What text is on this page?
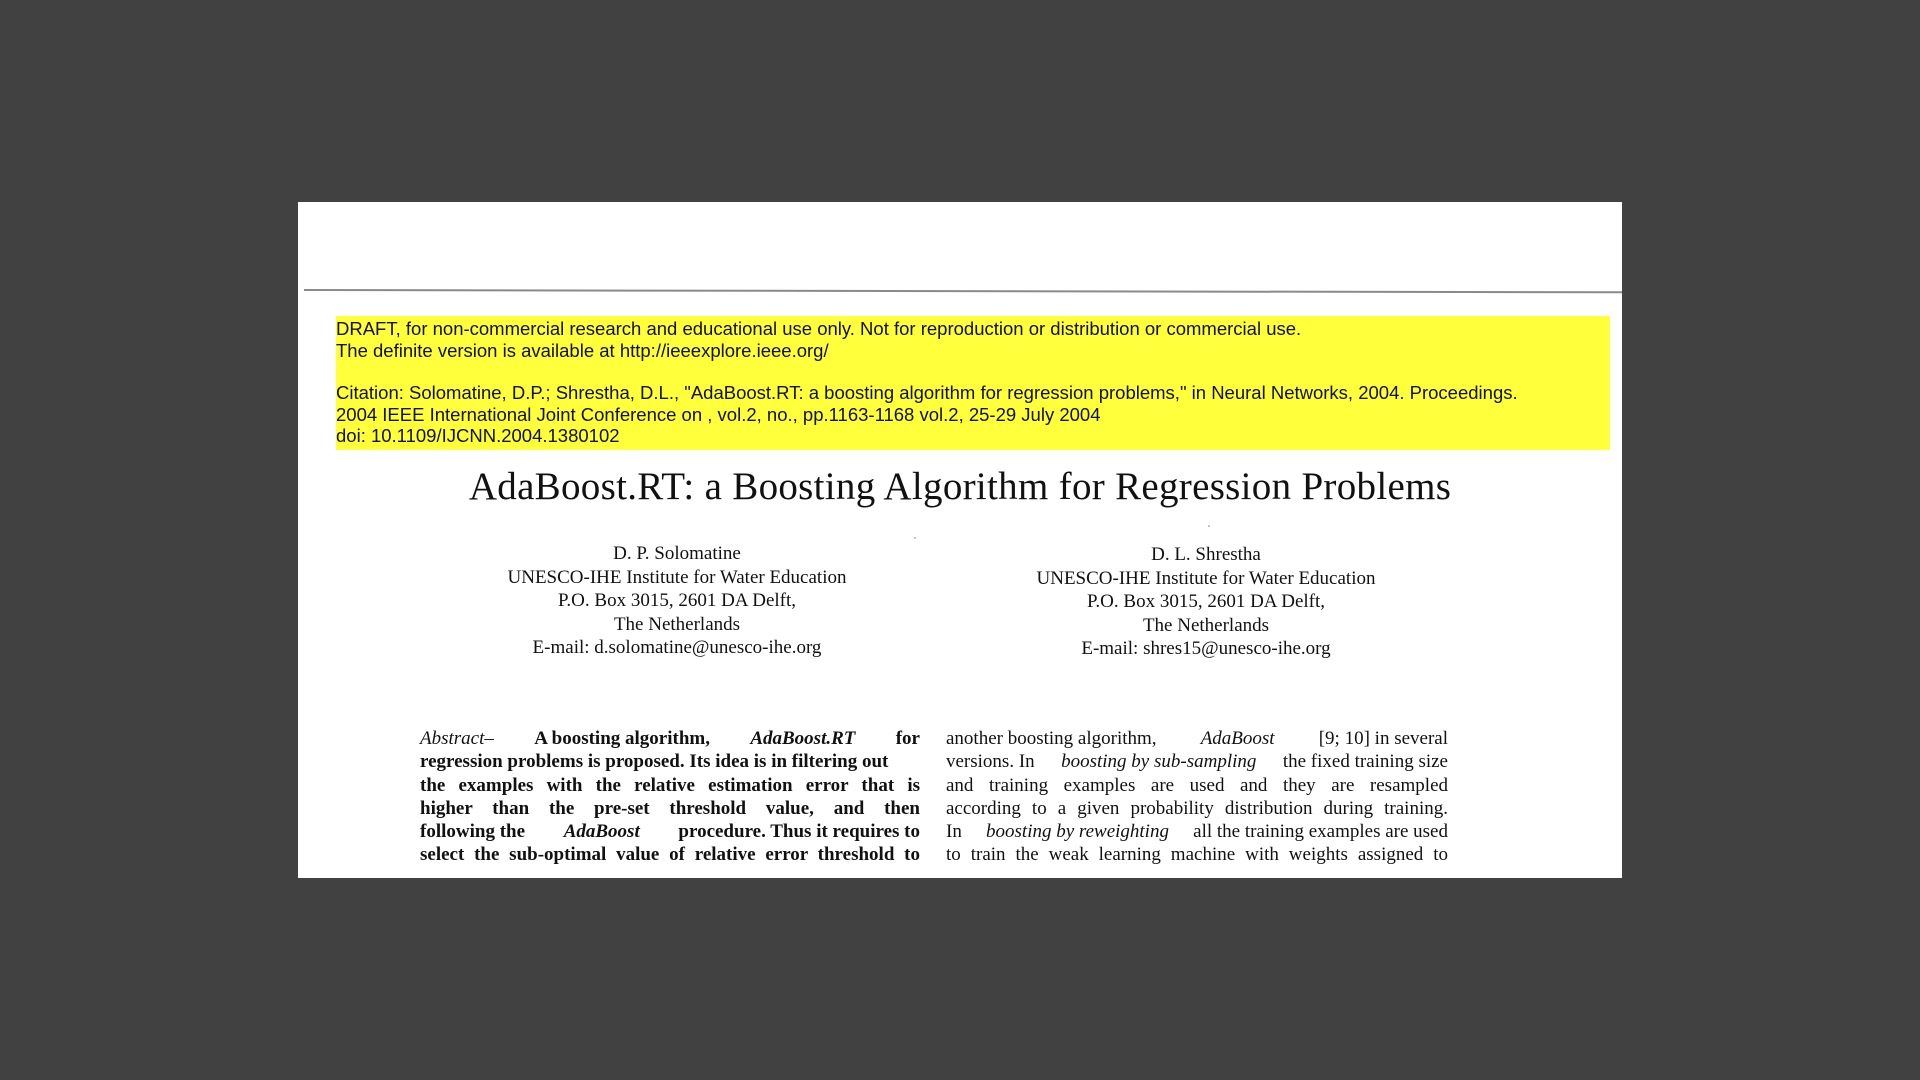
DRAFT, for non-commercial research and educational use only. Not for reproduction or distribution or commercial use.
The definite version is available at http://ieeexplore.ieee.org/
Citation: Solomatine, D.P.; Shrestha, D.L., "AdaBoost.RT: a boosting algorithm for regression problems," in Neural Networks, 2004. Proceedings.
2004 IEEE International Joint Conference on , vol.2, no., pp.1163-1168 vol.2, 25-29 July 2004
doi: 10.1109/IJCNN.2004.1380102
AdaBoost.RT: a Boosting Algorithm for Regression Problems
D. P. Solomatine
UNESCO-IHE Institute for Water Education
P.O. Box 3015, 2601 DA Delft,
The Netherlands
E-mail: d.solomatine@unesco-ihe.org
D. L. Shrestha
UNESCO-IHE Institute for Water Education
P.O. Box 3015, 2601 DA Delft,
The Netherlands
E-mail: shres15@unesco-ihe.org
Abstract– A boosting algorithm, AdaBoost.RT for
regression problems is proposed. Its idea is in filtering out
the examples with the relative estimation error that is
higher than the pre-set threshold value, and then
following the AdaBoost procedure. Thus it requires to
select the sub-optimal value of relative error threshold to
another boosting algorithm, AdaBoost [9; 10] in several
versions. In boosting by sub-sampling the fixed training size
and training examples are used and they are resampled
according to a given probability distribution during training.
In boosting by reweighting all the training examples are used
to train the weak learning machine with weights assigned to
